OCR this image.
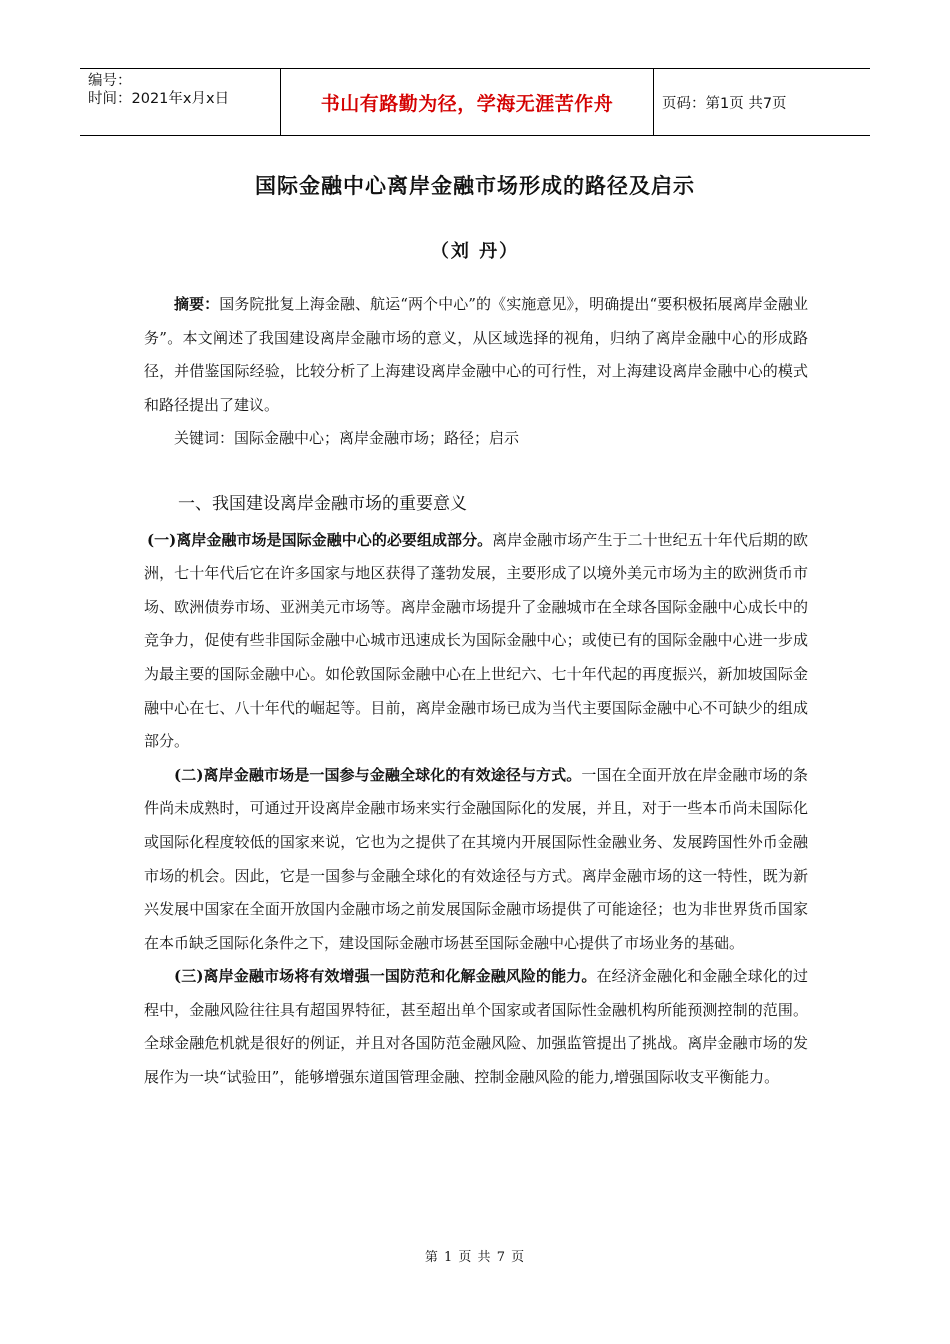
编号：
时间：2021年x月x日	书山有路勤为径，学海无涯苦作舟	页码：第1页 共7页
国际金融中心离岸金融市场形成的路径及启示
（刘 丹）

摘要：国务院批复上海金融、航运“两个中心”的《实施意见》，明确提出“要积极拓展离岸金融业务”。本文阐述了我国建设离岸金融市场的意义，从区域选择的视角，归纳了离岸金融中心的形成路径，并借鉴国际经验，比较分析了上海建设离岸金融中心的可行性，对上海建设离岸金融中心的模式和路径提出了建议。

关键词：国际金融中心；离岸金融市场；路径；启示

一、我国建设离岸金融市场的重要意义

(一)离岸金融市场是国际金融中心的必要组成部分。离岸金融市场产生于二十世纪五十年代后期的欧洲，七十年代后它在许多国家与地区获得了蓬勃发展，主要形成了以境外美元市场为主的欧洲货币市场、欧洲债券市场、亚洲美元市场等。离岸金融市场提升了金融城市在全球各国际金融中心成长中的竞争力，促使有些非国际金融中心城市迅速成长为国际金融中心；或使已有的国际金融中心进一步成为最主要的国际金融中心。如伦敦国际金融中心在上世纪六、七十年代起的再度振兴，新加坡国际金融中心在七、八十年代的崛起等。目前，离岸金融市场已成为当代主要国际金融中心不可缺少的组成部分。

(二)离岸金融市场是一国参与金融全球化的有效途径与方式。一国在全面开放在岸金融市场的条件尚未成熟时，可通过开设离岸金融市场来实行金融国际化的发展，并且，对于一些本币尚未国际化或国际化程度较低的国家来说，它也为之提供了在其境内开展国际性金融业务、发展跨国性外币金融市场的机会。因此，它是一国参与金融全球化的有效途径与方式。离岸金融市场的这一特性，既为新兴发展中国家在全面开放国内金融市场之前发展国际金融市场提供了可能途径；也为非世界货币国家在本币缺乏国际化条件之下，建设国际金融市场甚至国际金融中心提供了市场业务的基础。

(三)离岸金融市场将有效增强一国防范和化解金融风险的能力。在经济金融化和金融全球化的过程中，金融风险往往具有超国界特征，甚至超出单个国家或者国际性金融机构所能预测控制的范围。全球金融危机就是很好的例证，并且对各国防范金融风险、加强监管提出了挑战。离岸金融市场的发展作为一块“试验田”，能够增强东道国管理金融、控制金融风险的能力,增强国际收支平衡能力。

第 1 页 共 7 页
